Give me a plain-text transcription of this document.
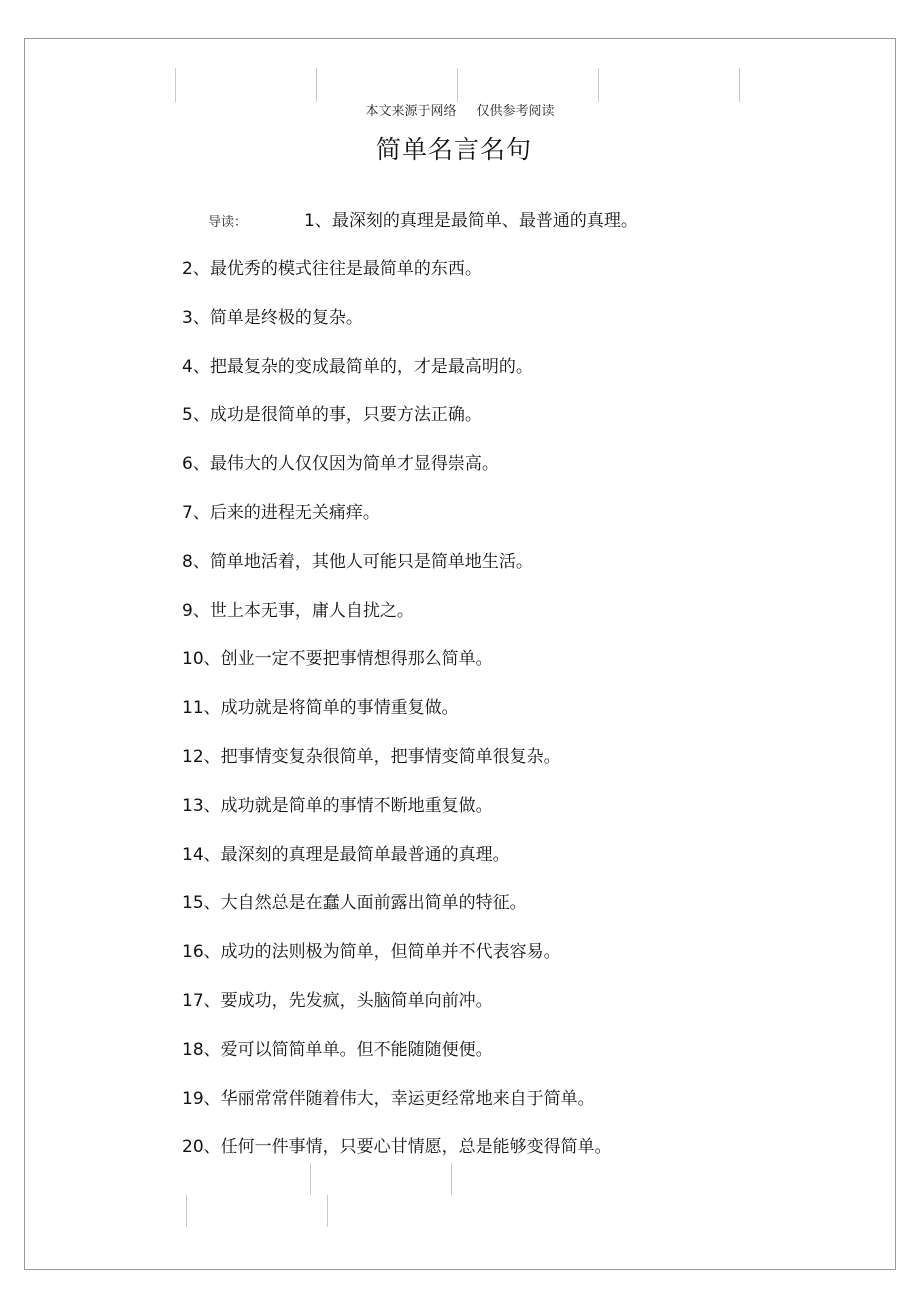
本文来源于网络 仅供参考阅读
简单名言名句
导读：	1、最深刻的真理是最简单、最普通的真理。
2、最优秀的模式往往是最简单的东西。
3、简单是终极的复杂。
4、把最复杂的变成最简单的，才是最高明的。
5、成功是很简单的事，只要方法正确。
6、最伟大的人仅仅因为简单才显得崇高。
7、后来的进程无关痛痒。
8、简单地活着，其他人可能只是简单地生活。
9、世上本无事，庸人自扰之。
10、创业一定不要把事情想得那么简单。
11、成功就是将简单的事情重复做。
12、把事情变复杂很简单，把事情变简单很复杂。
13、成功就是简单的事情不断地重复做。
14、最深刻的真理是最简单最普通的真理。
15、大自然总是在蠢人面前露出简单的特征。
16、成功的法则极为简单，但简单并不代表容易。
17、要成功，先发疯，头脑简单向前冲。
18、爱可以简简单单。但不能随随便便。
19、华丽常常伴随着伟大，幸运更经常地来自于简单。
20、任何一件事情，只要心甘情愿，总是能够变得简单。
